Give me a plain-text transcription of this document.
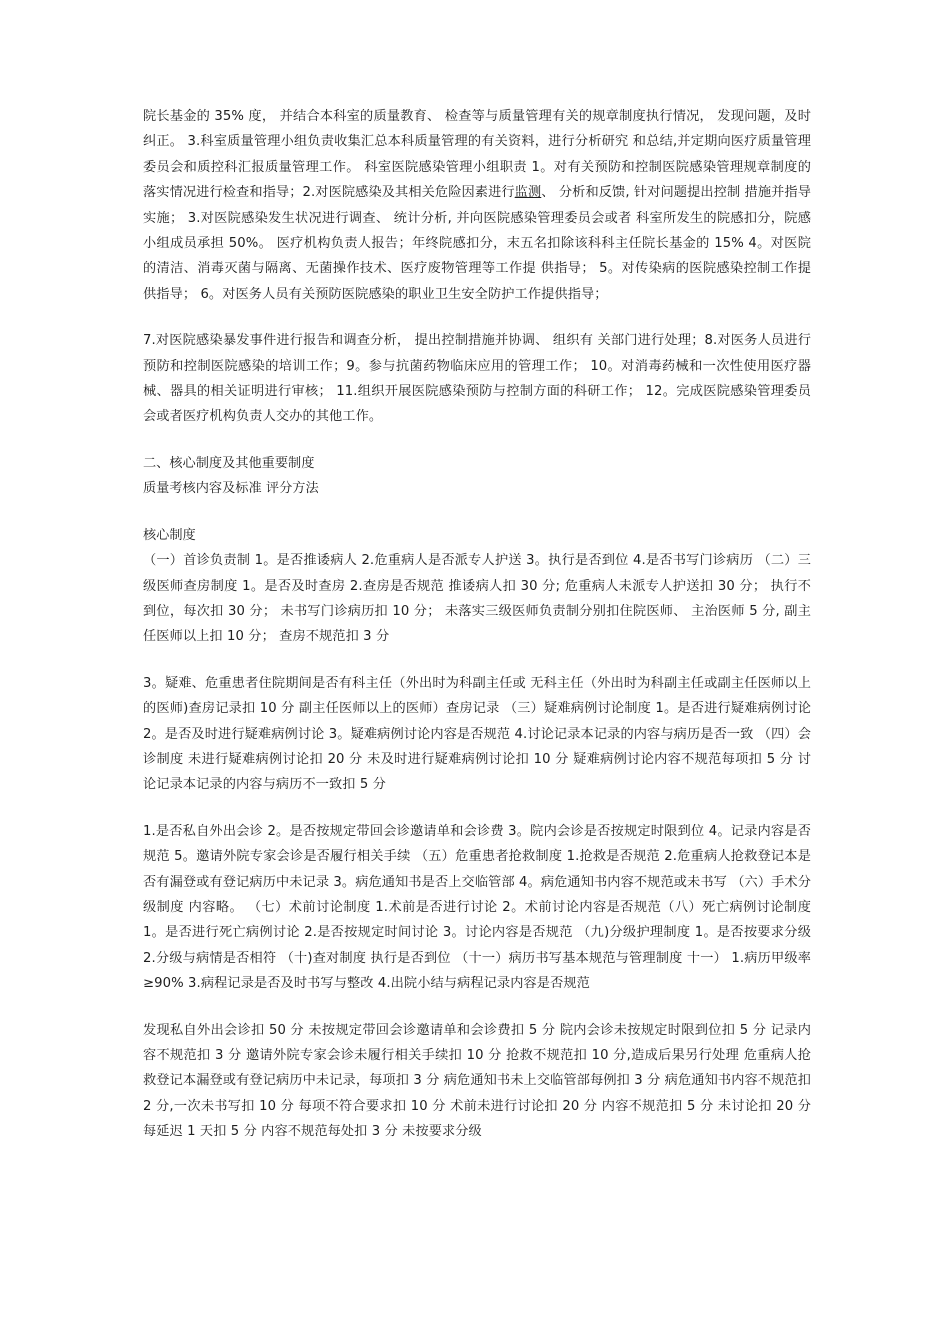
院长基金的 35% 度， 并结合本科室的质量教育、 检查等与质量管理有关的规章制度执行情况， 发现问题，及时纠正。 3.科室质量管理小组负责收集汇总本科质量管理的有关资料，进行分析研究 和总结,并定期向医疗质量管理委员会和质控科汇报质量管理工作。 科室医院感染管理小组职责 1。对有关预防和控制医院感染管理规章制度的落实情况进行检查和指导；2.对医院感染及其相关危险因素进行监测、 分析和反馈, 针对问题提出控制 措施并指导实施； 3.对医院感染发生状况进行调查、 统计分析, 并向医院感染管理委员会或者 科室所发生的院感扣分，院感小组成员承担 50%。 医疗机构负责人报告；年终院感扣分，末五名扣除该科科主任院长基金的 15% 4。对医院的清洁、消毒灭菌与隔离、无菌操作技术、医疗废物管理等工作提 供指导； 5。对传染病的医院感染控制工作提供指导； 6。对医务人员有关预防医院感染的职业卫生安全防护工作提供指导；

7.对医院感染暴发事件进行报告和调查分析， 提出控制措施并协调、 组织有 关部门进行处理；8.对医务人员进行预防和控制医院感染的培训工作；9。参与抗菌药物临床应用的管理工作； 10。对消毒药械和一次性使用医疗器械、器具的相关证明进行审核； 11.组织开展医院感染预防与控制方面的科研工作； 12。完成医院感染管理委员会或者医疗机构负责人交办的其他工作。

二、核心制度及其他重要制度

质量考核内容及标准 评分方法

核心制度

（一）首诊负责制 1。是否推诿病人 2.危重病人是否派专人护送 3。执行是否到位 4.是否书写门诊病历 （二）三级医师查房制度 1。是否及时查房 2.查房是否规范 推诿病人扣 30 分; 危重病人未派专人护送扣 30 分； 执行不到位，每次扣 30 分； 未书写门诊病历扣 10 分； 未落实三级医师负责制分别扣住院医师、 主治医师 5 分, 副主任医师以上扣 10 分； 查房不规范扣 3 分

3。疑难、危重患者住院期间是否有科主任（外出时为科副主任或 无科主任（外出时为科副主任或副主任医师以上的医师)查房记录扣 10 分 副主任医师以上的医师）查房记录 （三）疑难病例讨论制度 1。是否进行疑难病例讨论 2。是否及时进行疑难病例讨论 3。疑难病例讨论内容是否规范 4.讨论记录本记录的内容与病历是否一致 （四）会诊制度 未进行疑难病例讨论扣 20 分 未及时进行疑难病例讨论扣 10 分 疑难病例讨论内容不规范每项扣 5 分 讨论记录本记录的内容与病历不一致扣 5 分

1.是否私自外出会诊 2。是否按规定带回会诊邀请单和会诊费 3。院内会诊是否按规定时限到位 4。记录内容是否规范 5。邀请外院专家会诊是否履行相关手续 （五）危重患者抢救制度 1.抢救是否规范 2.危重病人抢救登记本是否有漏登或有登记病历中未记录 3。病危通知书是否上交临管部 4。病危通知书内容不规范或未书写 （六）手术分级制度 内容略。 （七）术前讨论制度 1.术前是否进行讨论 2。术前讨论内容是否规范（八）死亡病例讨论制度 1。是否进行死亡病例讨论 2.是否按规定时间讨论 3。讨论内容是否规范 （九)分级护理制度 1。是否按要求分级 2.分级与病情是否相符 （十)查对制度 执行是否到位 （十一）病历书写基本规范与管理制度 十一） 1.病历甲级率≥90% 3.病程记录是否及时书写与整改 4.出院小结与病程记录内容是否规范

发现私自外出会诊扣 50 分 未按规定带回会诊邀请单和会诊费扣 5 分 院内会诊未按规定时限到位扣 5 分 记录内容不规范扣 3 分 邀请外院专家会诊未履行相关手续扣 10 分 抢救不规范扣 10 分,造成后果另行处理 危重病人抢救登记本漏登或有登记病历中未记录，每项扣 3 分 病危通知书未上交临管部每例扣 3 分 病危通知书内容不规范扣 2 分,一次未书写扣 10 分 每项不符合要求扣 10 分 术前未进行讨论扣 20 分 内容不规范扣 5 分 未讨论扣 20 分 每延迟 1 天扣 5 分 内容不规范每处扣 3 分 未按要求分级
